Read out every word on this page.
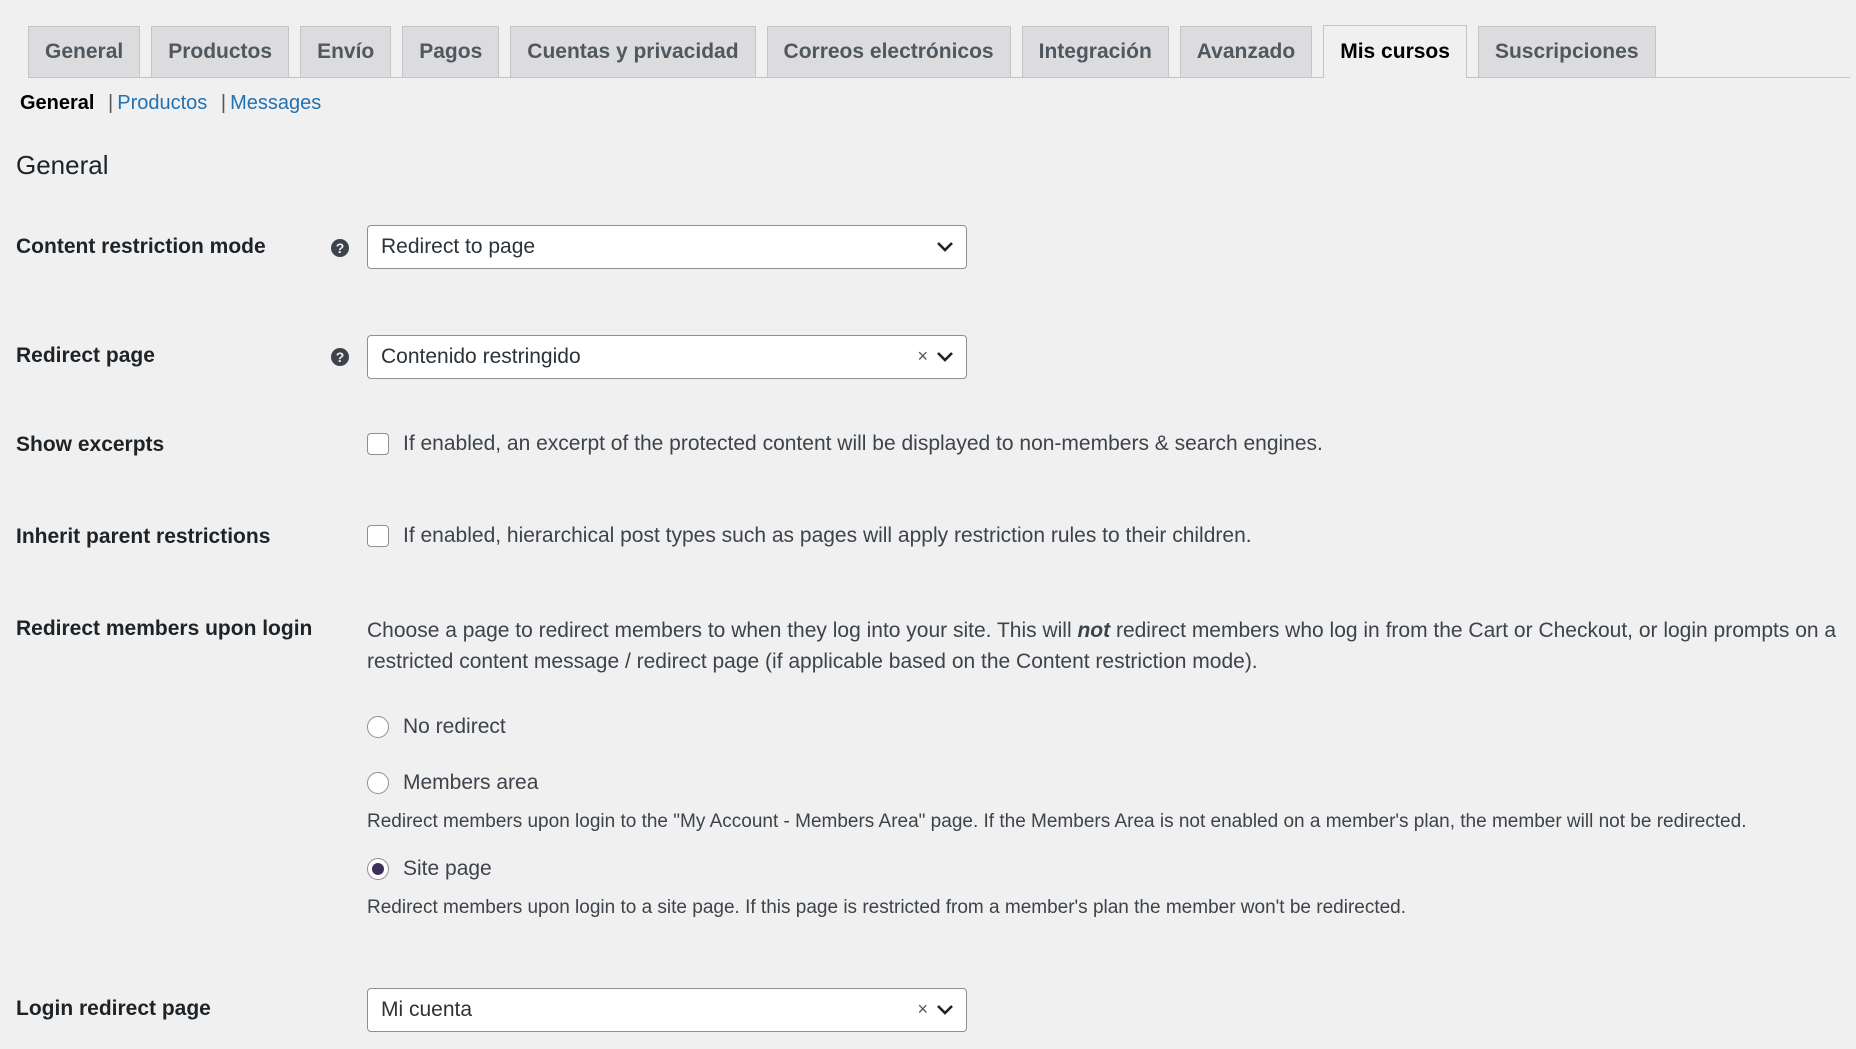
General	Productos	Envío	Pagos	Cuentas y privacidad	Correos electrónicos	Integración	Avanzado	Mis cursos	Suscripciones
General | Productos | Messages
General
Content restriction mode	? Redirect to page
Redirect page	? Contenido restringido	×
Show excerpts	If enabled, an excerpt of the protected content will be displayed to non-members & search engines.
Inherit parent restrictions	If enabled, hierarchical post types such as pages will apply restriction rules to their children.
Redirect members upon login	Choose a page to redirect members to when they log into your site. This will not redirect members who log in from the Cart or Checkout, or login prompts on a restricted content message / redirect page (if applicable based on the Content restriction mode).
No redirect
Members area
Redirect members upon login to the "My Account - Members Area" page. If the Members Area is not enabled on a member's plan, the member will not be redirected.
Site page
Redirect members upon login to a site page. If this page is restricted from a member's plan the member won't be redirected.
Login redirect page	Mi cuenta	×
